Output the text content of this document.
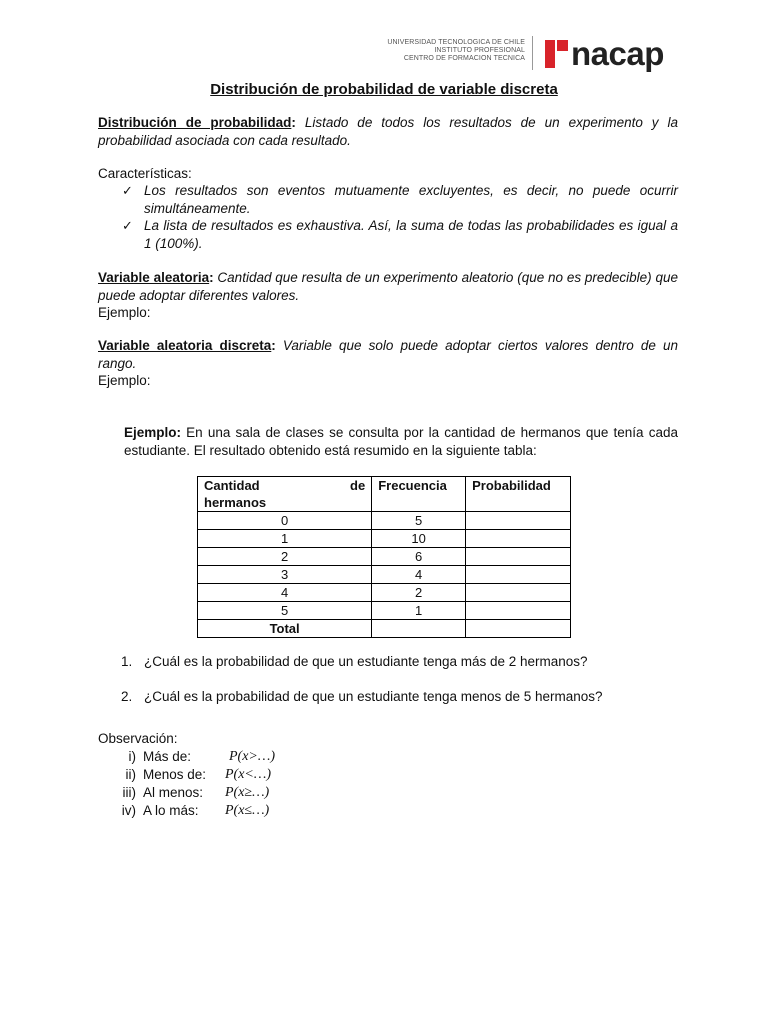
UNIVERSIDAD TECNOLOGICA DE CHILE
INSTITUTO PROFESIONAL
CENTRO DE FORMACION TECNICA nacap
Distribución de probabilidad de variable discreta
Distribución de probabilidad: Listado de todos los resultados de un experimento y la probabilidad asociada con cada resultado.
Características:
✓ Los resultados son eventos mutuamente excluyentes, es decir, no puede ocurrir simultáneamente.
✓ La lista de resultados es exhaustiva. Así, la suma de todas las probabilidades es igual a 1 (100%).
Variable aleatoria: Cantidad que resulta de un experimento aleatorio (que no es predecible) que puede adoptar diferentes valores.
Ejemplo:
Variable aleatoria discreta: Variable que solo puede adoptar ciertos valores dentro de un rango.
Ejemplo:
Ejemplo: En una sala de clases se consulta por la cantidad de hermanos que tenía cada estudiante. El resultado obtenido está resumido en la siguiente tabla:
Cantidad de
hermanos	Frecuencia	Probabilidad
0	5	
1	10	
2	6	
3	4	
4	2	
5	1	
Total		
1. ¿Cuál es la probabilidad de que un estudiante tenga más de 2 hermanos?
2. ¿Cuál es la probabilidad de que un estudiante tenga menos de 5 hermanos?
Observación:
i) Más de:	P(x>…)
ii) Menos de:	P(x<…)
iii) Al menos:	P(x≥…)
iv) A lo más:	P(x≤…)
